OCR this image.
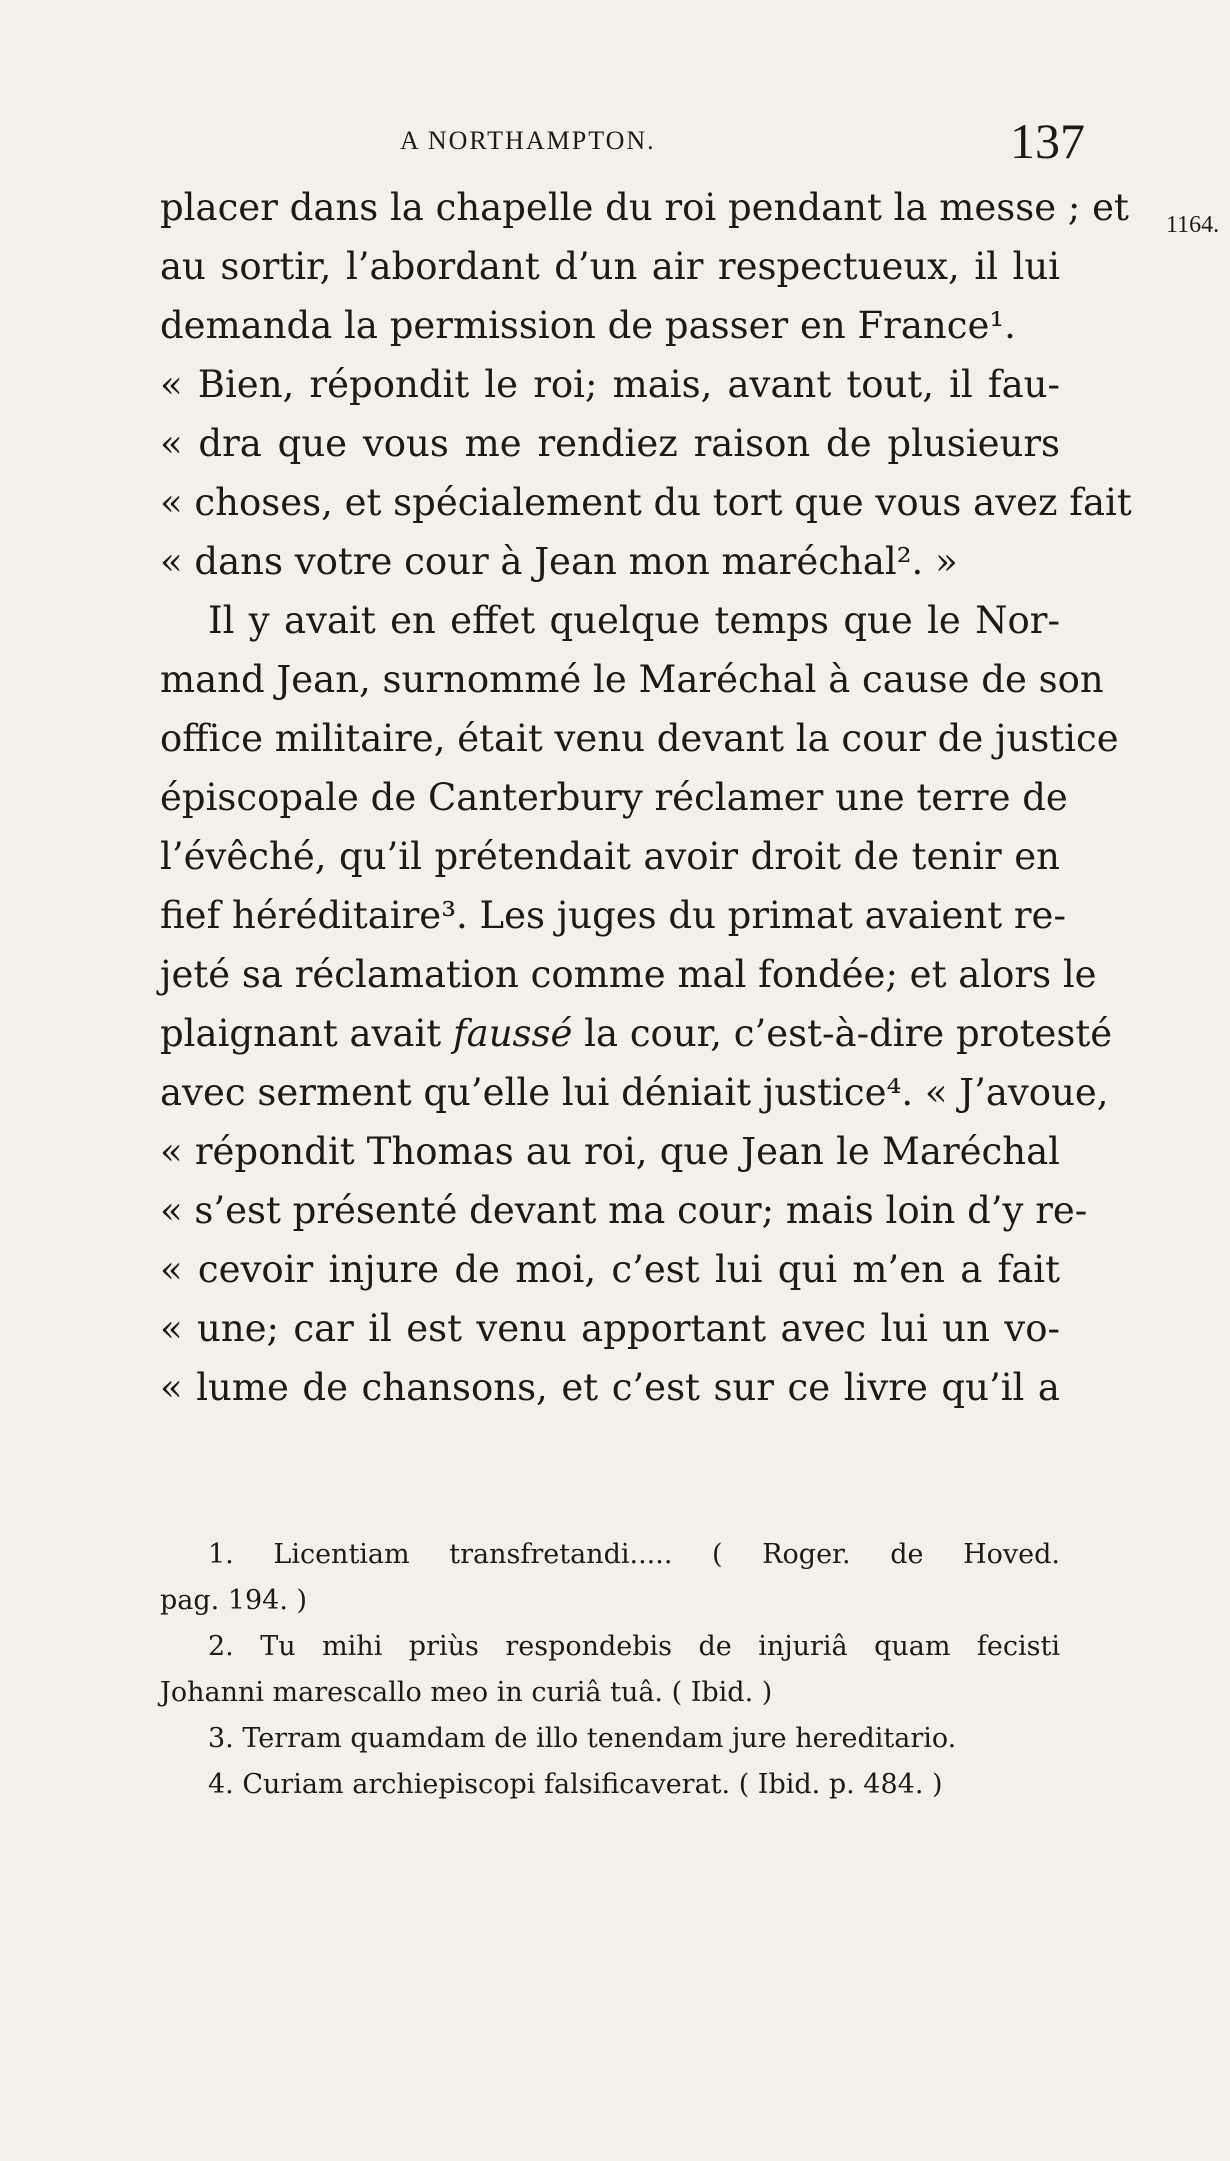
A NORTHAMPTON.	137
1164.
placer dans la chapelle du roi pendant la messe ; et
au sortir, l’abordant d’un air respectueux, il lui
demanda la permission de passer en France¹.
« Bien, répondit le roi; mais, avant tout, il fau-
« dra que vous me rendiez raison de plusieurs
« choses, et spécialement du tort que vous avez fait
« dans votre cour à Jean mon maréchal². »
Il y avait en effet quelque temps que le Nor-
mand Jean, surnommé le Maréchal à cause de son
office militaire, était venu devant la cour de justice
épiscopale de Canterbury réclamer une terre de
l’évêché, qu’il prétendait avoir droit de tenir en
fief héréditaire³. Les juges du primat avaient re-
jeté sa réclamation comme mal fondée; et alors le
plaignant avait faussé la cour, c’est-à-dire protesté
avec serment qu’elle lui déniait justice⁴. « J’avoue,
« répondit Thomas au roi, que Jean le Maréchal
« s’est présenté devant ma cour; mais loin d’y re-
« cevoir injure de moi, c’est lui qui m’en a fait
« une; car il est venu apportant avec lui un vo-
« lume de chansons, et c’est sur ce livre qu’il a
1. Licentiam transfretandi..... ( Roger. de Hoved.
pag. 194. )
2. Tu mihi priùs respondebis de injuriâ quam fecisti
Johanni marescallo meo in curiâ tuâ. ( Ibid. )
3. Terram quamdam de illo tenendam jure hereditario.
4. Curiam archiepiscopi falsificaverat. ( Ibid. p. 484. )
